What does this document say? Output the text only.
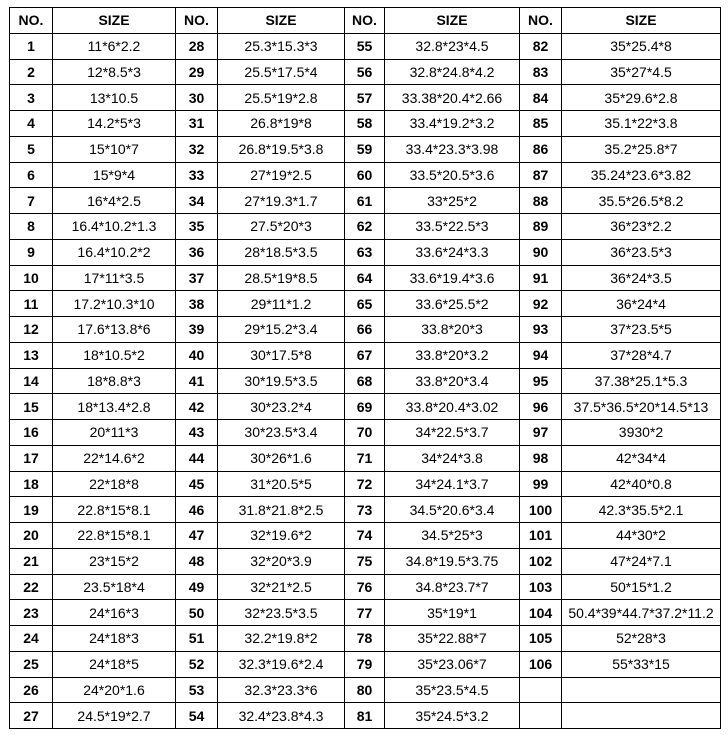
NO.	SIZE	NO.	SIZE	NO.	SIZE	NO.	SIZE
1	11*6*2.2	28	25.3*15.3*3	55	32.8*23*4.5	82	35*25.4*8
2	12*8.5*3	29	25.5*17.5*4	56	32.8*24.8*4.2	83	35*27*4.5
3	13*10.5	30	25.5*19*2.8	57	33.38*20.4*2.66	84	35*29.6*2.8
4	14.2*5*3	31	26.8*19*8	58	33.4*19.2*3.2	85	35.1*22*3.8
5	15*10*7	32	26.8*19.5*3.8	59	33.4*23.3*3.98	86	35.2*25.8*7
6	15*9*4	33	27*19*2.5	60	33.5*20.5*3.6	87	35.24*23.6*3.82
7	16*4*2.5	34	27*19.3*1.7	61	33*25*2	88	35.5*26.5*8.2
8	16.4*10.2*1.3	35	27.5*20*3	62	33.5*22.5*3	89	36*23*2.2
9	16.4*10.2*2	36	28*18.5*3.5	63	33.6*24*3.3	90	36*23.5*3
10	17*11*3.5	37	28.5*19*8.5	64	33.6*19.4*3.6	91	36*24*3.5
11	17.2*10.3*10	38	29*11*1.2	65	33.6*25.5*2	92	36*24*4
12	17.6*13.8*6	39	29*15.2*3.4	66	33.8*20*3	93	37*23.5*5
13	18*10.5*2	40	30*17.5*8	67	33.8*20*3.2	94	37*28*4.7
14	18*8.8*3	41	30*19.5*3.5	68	33.8*20*3.4	95	37.38*25.1*5.3
15	18*13.4*2.8	42	30*23.2*4	69	33.8*20.4*3.02	96	37.5*36.5*20*14.5*13
16	20*11*3	43	30*23.5*3.4	70	34*22.5*3.7	97	3930*2
17	22*14.6*2	44	30*26*1.6	71	34*24*3.8	98	42*34*4
18	22*18*8	45	31*20.5*5	72	34*24.1*3.7	99	42*40*0.8
19	22.8*15*8.1	46	31.8*21.8*2.5	73	34.5*20.6*3.4	100	42.3*35.5*2.1
20	22.8*15*8.1	47	32*19.6*2	74	34.5*25*3	101	44*30*2
21	23*15*2	48	32*20*3.9	75	34.8*19.5*3.75	102	47*24*7.1
22	23.5*18*4	49	32*21*2.5	76	34.8*23.7*7	103	50*15*1.2
23	24*16*3	50	32*23.5*3.5	77	35*19*1	104	50.4*39*44.7*37.2*11.2
24	24*18*3	51	32.2*19.8*2	78	35*22.88*7	105	52*28*3
25	24*18*5	52	32.3*19.6*2.4	79	35*23.06*7	106	55*33*15
26	24*20*1.6	53	32.3*23.3*6	80	35*23.5*4.5		
27	24.5*19*2.7	54	32.4*23.8*4.3	81	35*24.5*3.2		
